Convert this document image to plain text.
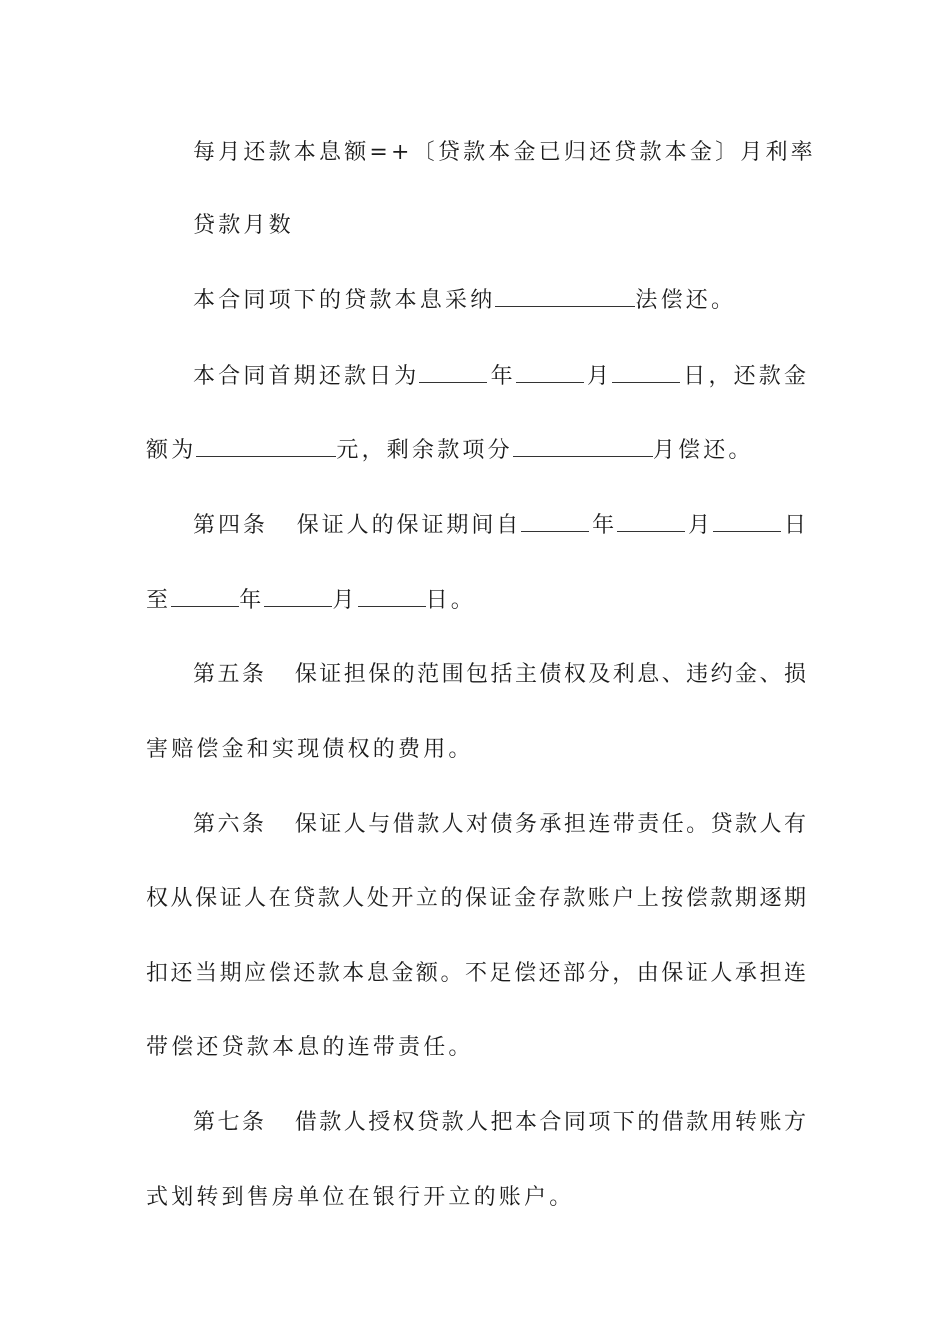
每月还款本息额=+〔贷款本金已归还贷款本金〕月利率
贷款月数
本合同项下的贷款本息采纳	法偿还。
本合同首期还款日为	年	月	日，还款金
额为	元，剩余款项分	月偿还。
第四条 保证人的保证期间自	年	月	日
至	年	月	日。
第五条 保证担保的范围包括主债权及利息、违约金、损
害赔偿金和实现债权的费用。
第六条 保证人与借款人对债务承担连带责任。贷款人有
权从保证人在贷款人处开立的保证金存款账户上按偿款期逐期
扣还当期应偿还款本息金额。不足偿还部分，由保证人承担连
带偿还贷款本息的连带责任。
第七条 借款人授权贷款人把本合同项下的借款用转账方
式划转到售房单位在银行开立的账户。
